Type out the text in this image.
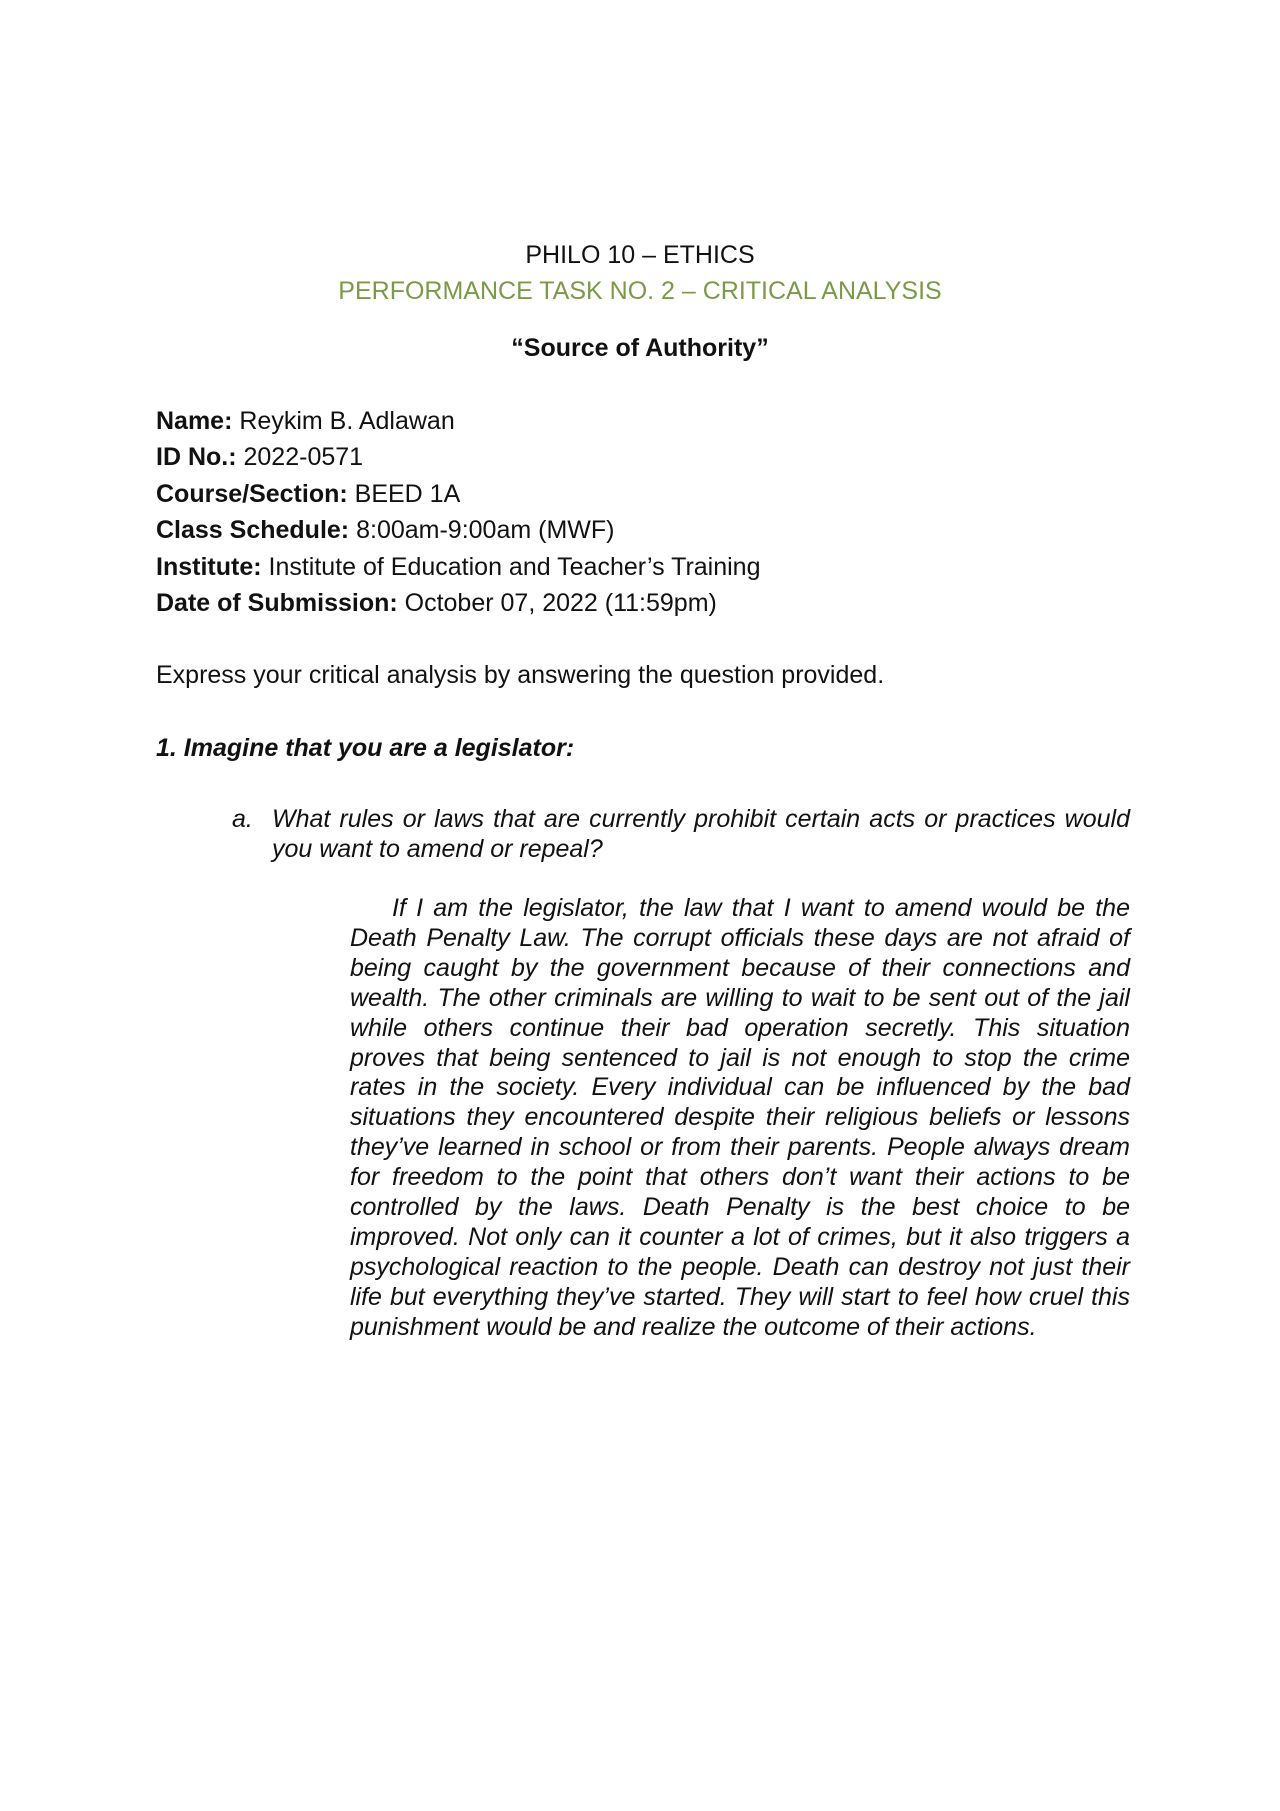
PHILO 10 – ETHICS
PERFORMANCE TASK NO. 2 – CRITICAL ANALYSIS
“Source of Authority”
Name: Reykim B. Adlawan
ID No.: 2022-0571
Course/Section: BEED 1A
Class Schedule: 8:00am-9:00am (MWF)
Institute: Institute of Education and Teacher’s Training
Date of Submission: October 07, 2022 (11:59pm)
Express your critical analysis by answering the question provided.
1. Imagine that you are a legislator:
a. What rules or laws that are currently prohibit certain acts or practices would you want to amend or repeal?

If I am the legislator, the law that I want to amend would be the Death Penalty Law. The corrupt officials these days are not afraid of being caught by the government because of their connections and wealth. The other criminals are willing to wait to be sent out of the jail while others continue their bad operation secretly. This situation proves that being sentenced to jail is not enough to stop the crime rates in the society. Every individual can be influenced by the bad situations they encountered despite their religious beliefs or lessons they’ve learned in school or from their parents. People always dream for freedom to the point that others don’t want their actions to be controlled by the laws. Death Penalty is the best choice to be improved. Not only can it counter a lot of crimes, but it also triggers a psychological reaction to the people. Death can destroy not just their life but everything they’ve started. They will start to feel how cruel this punishment would be and realize the outcome of their actions.
